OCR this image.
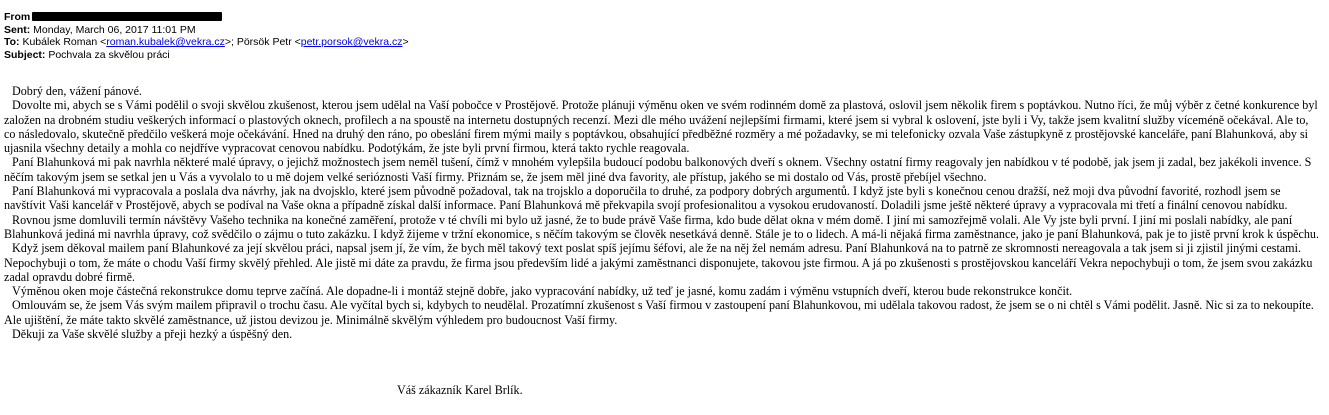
From
Sent: Monday, March 06, 2017 11:01 PM
To: Kubálek Roman <roman.kubalek@vekra.cz>; Pörsök Petr <petr.porsok@vekra.cz>
Subject: Pochvala za skvělou práci

Dobrý den, vážení pánové.

Dovolte mi, abych se s Vámi podělil o svoji skvělou zkušenost, kterou jsem udělal na Vaší pobočce v Prostějově. Protože plánuji výměnu oken ve svém rodinném domě za plastová, oslovil jsem několik firem s poptávkou. Nutno říci, že můj výběr z četné konkurence byl založen na drobném studiu veškerých informací o plastových oknech, profilech a na spoustě na internetu dostupných recenzí. Mezi dle mého uvážení nejlepšími firmami, které jsem si vybral k oslovení, jste byli i Vy, takže jsem kvalitní služby víceméně očekával. Ale to, co následovalo, skutečně předčilo veškerá moje očekávání. Hned na druhý den ráno, po obeslání firem mými maily s poptávkou, obsahující předběžné rozměry a mé požadavky, se mi telefonicky ozvala Vaše zástupkyně z prostějovské kanceláře, paní Blahunková, aby si ujasnila všechny detaily a mohla co nejdříve vypracovat cenovou nabídku. Podotýkám, že jste byli první firmou, která takto rychle reagovala.

Paní Blahunková mi pak navrhla některé malé úpravy, o jejichž možnostech jsem neměl tušení, čímž v mnohém vylepšila budoucí podobu balkonových dveří s oknem. Všechny ostatní firmy reagovaly jen nabídkou v té podobě, jak jsem ji zadal, bez jakékoli invence. S něčím takovým jsem se setkal jen u Vás a vyvolalo to u mě dojem velké serióznosti Vaší firmy. Přiznám se, že jsem měl jiné dva favority, ale přístup, jakého se mi dostalo od Vás, prostě přebíjel všechno.

Paní Blahunková mi vypracovala a poslala dva návrhy, jak na dvojsklo, které jsem původně požadoval, tak na trojsklo a doporučila to druhé, za podpory dobrých argumentů. I když jste byli s konečnou cenou dražší, než moji dva původní favorité, rozhodl jsem se navštívit Vaši kancelář v Prostějově, abych se podíval na Vaše okna a případně získal další informace. Paní Blahunková mě překvapila svojí profesionalitou a vysokou erudovaností. Doladili jsme ještě některé úpravy a vypracovala mi třetí a finální cenovou nabídku.

Rovnou jsme domluvili termín návštěvy Vašeho technika na konečné zaměření, protože v té chvíli mi bylo už jasné, že to bude právě Vaše firma, kdo bude dělat okna v mém domě. I jiní mi samozřejmě volali. Ale Vy jste byli první. I jiní mi poslali nabídky, ale paní Blahunková jediná mi navrhla úpravy, což svědčilo o zájmu o tuto zakázku. I když žijeme v tržní ekonomice, s něčím takovým se člověk nesetkává denně. Stále je to o lidech. A má-li nějaká firma zaměstnance, jako je paní Blahunková, pak je to jistě první krok k úspěchu.

Když jsem děkoval mailem paní Blahunkové za její skvělou práci, napsal jsem jí, že vím, že bych měl takový text poslat spíš jejímu šéfovi, ale že na něj žel nemám adresu. Paní Blahunková na to patrně ze skromnosti nereagovala a tak jsem si ji zjistil jinými cestami. Nepochybuji o tom, že máte o chodu Vaší firmy skvělý přehled. Ale jistě mi dáte za pravdu, že firma jsou především lidé a jakými zaměstnanci disponujete, takovou jste firmou. A já po zkušenosti s prostějovskou kanceláří Vekra nepochybuji o tom, že jsem svou zakázku zadal opravdu dobré firmě.

Výměnou oken moje částečná rekonstrukce domu teprve začíná. Ale dopadne-li i montáž stejně dobře, jako vypracování nabídky, už teď je jasné, komu zadám i výměnu vstupních dveří, kterou bude rekonstrukce končit.

Omlouvám se, že jsem Vás svým mailem připravil o trochu času. Ale vyčítal bych si, kdybych to neudělal. Prozatímní zkušenost s Vaší firmou v zastoupení paní Blahunkovou, mi udělala takovou radost, že jsem se o ni chtěl s Vámi podělit. Jasně. Nic si za to nekoupíte. Ale ujištění, že máte takto skvělé zaměstnance, už jistou devizou je. Minimálně skvělým výhledem pro budoucnost Vaší firmy.

Děkuji za Vaše skvělé služby a přeji hezký a úspěšný den.

Váš zákazník Karel Brlík.
